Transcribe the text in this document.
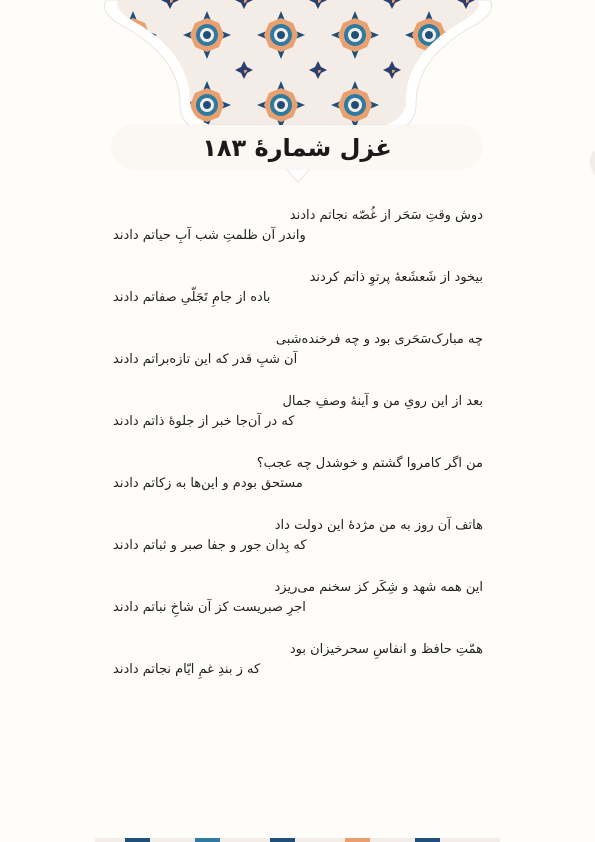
غزل شمارهٔ ۱۸۳
دوش وقتِ سَحَر از غُصّه نجاتم دادند
واندر آن ظلمتِ شب آبِ حیاتم دادند
بیخود از شَعشَعهٔ پرتوِ ذاتم کردند
باده از جامِ تَجَلّیِ صفاتم دادند
چه مبارک‌سَحَری بود و چه فرخنده‌شبی
آن شبِ قدر که این تازه‌براتم دادند
بعد از این رویِ من و آینهٔ وصفِ جمال
که در آن‌جا خبر از جلوهٔ ذاتم دادند
من اگر کامروا گشتم و خوشدل چه عجب؟
مستحق بودم و این‌ها به زکاتم دادند
هاتف آن روز به من مژدهٔ این دولت داد
که بِدان جور و جفا صبر و ثباتم دادند
این همه شهد و شِکَر کز سخنم می‌ریزد
اجرِ صبریست کز آن شاخِ نباتم دادند
همّتِ حافظ و انفاسِ سحرخیزان بود
که ز بندِ غمِ ایّام نجاتم دادند
